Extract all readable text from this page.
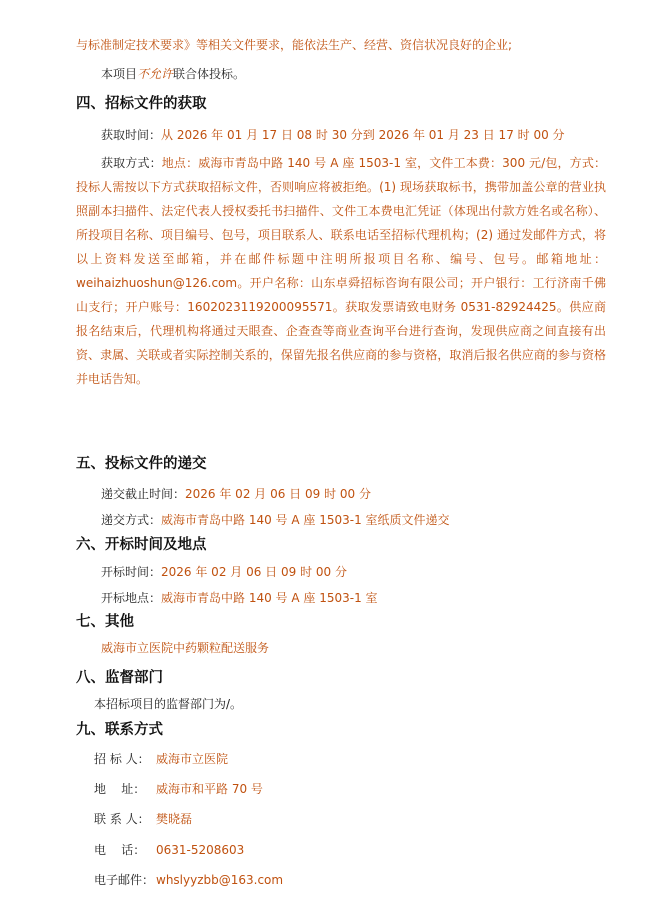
与标准制定技术要求》等相关文件要求，能依法生产、经营、资信状况良好的企业;
本项目不允许联合体投标。
四、招标文件的获取
获取时间：从 2026 年 01 月 17 日 08 时 30 分到 2026 年 01 月 23 日 17 时 00 分
获取方式：地点：威海市青岛中路 140 号 A 座 1503-1 室，文件工本费：300 元/包，方式：投标人需按以下方式获取招标文件，否则响应将被拒绝。(1) 现场获取标书，携带加盖公章的营业执照副本扫描件、法定代表人授权委托书扫描件、文件工本费电汇凭证（体现出付款方姓名或名称）、所投项目名称、项目编号、包号，项目联系人、联系电话至招标代理机构；(2) 通过发邮件方式，将以上资料发送至邮箱，并在邮件标题中注明所报项目名称、编号、包号。邮箱地址：weihaizhuoshun@126.com。开户名称：山东卓舜招标咨询有限公司；开户银行：工行济南千佛山支行；开户账号：1602023119200095571。获取发票请致电财务 0531-82924425。供应商报名结束后，代理机构将通过天眼查、企查查等商业查询平台进行查询，发现供应商之间直接有出资、隶属、关联或者实际控制关系的，保留先报名供应商的参与资格，取消后报名供应商的参与资格并电话告知。
五、投标文件的递交
递交截止时间：2026 年 02 月 06 日 09 时 00 分
递交方式：威海市青岛中路 140 号 A 座 1503-1 室纸质文件递交
六、开标时间及地点
开标时间：2026 年 02 月 06 日 09 时 00 分
开标地点：威海市青岛中路 140 号 A 座 1503-1 室
七、其他
威海市立医院中药颗粒配送服务
八、监督部门
本招标项目的监督部门为/。
九、联系方式
招 标 人： 威海市立医院
地    址： 威海市和平路 70 号
联 系 人： 樊晓磊
电    话： 0631-5208603
电子邮件： whslyyzbb@163.com
